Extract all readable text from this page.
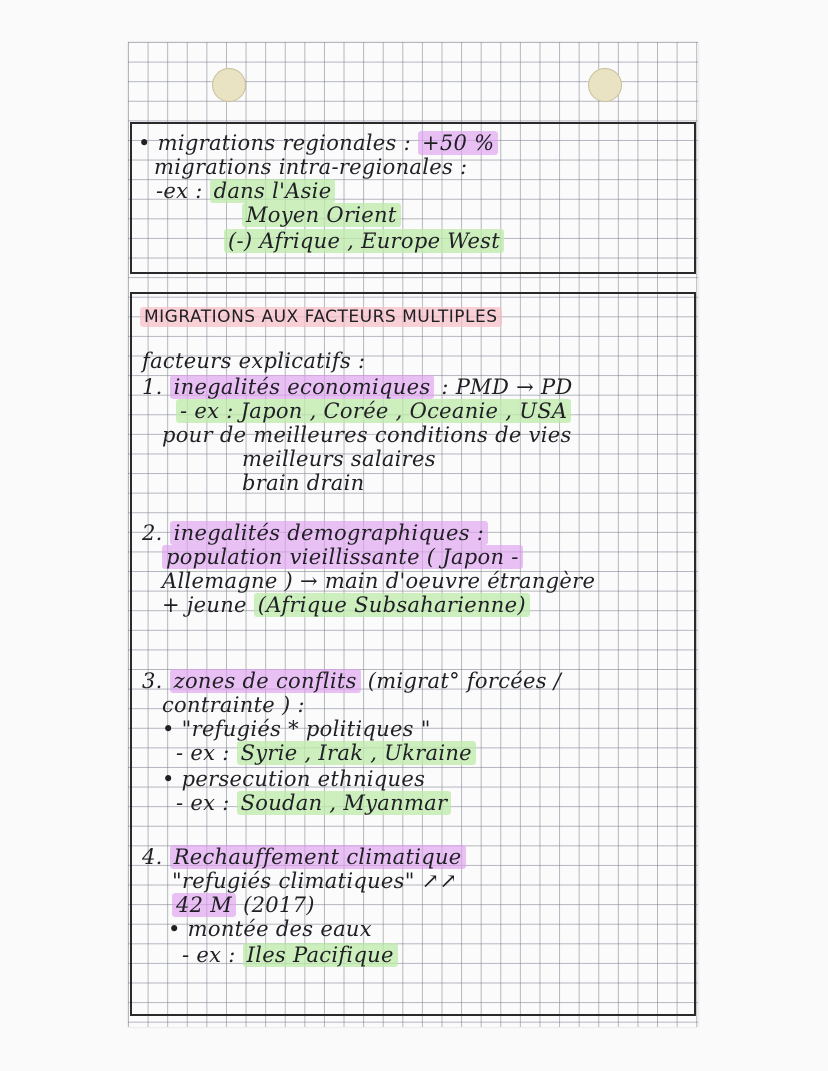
• migrations regionales : +50 %
migrations intra-regionales :
-ex : dans l'Asie
Moyen Orient
(-) Afrique , Europe West
MIGRATIONS AUX FACTEURS MULTIPLES
facteurs explicatifs :
1. inegalités economiques : PMD → PD
- ex : Japon , Corée , Oceanie , USA
pour de meilleures conditions de vies
meilleurs salaires
brain drain
2. inegalités demographiques :
population vieillissante ( Japon -
Allemagne ) → main d'oeuvre étrangère
+ jeune (Afrique Subsaharienne)
3. zones de conflits (migrat° forcées /
contrainte ) :
• "refugiés * politiques "
- ex : Syrie , Irak , Ukraine
• persecution ethniques
- ex : Soudan , Myanmar
4. Rechauffement climatique
"refugiés climatiques" ↗↗
42 M (2017)
• montée des eaux
- ex : Iles Pacifique
